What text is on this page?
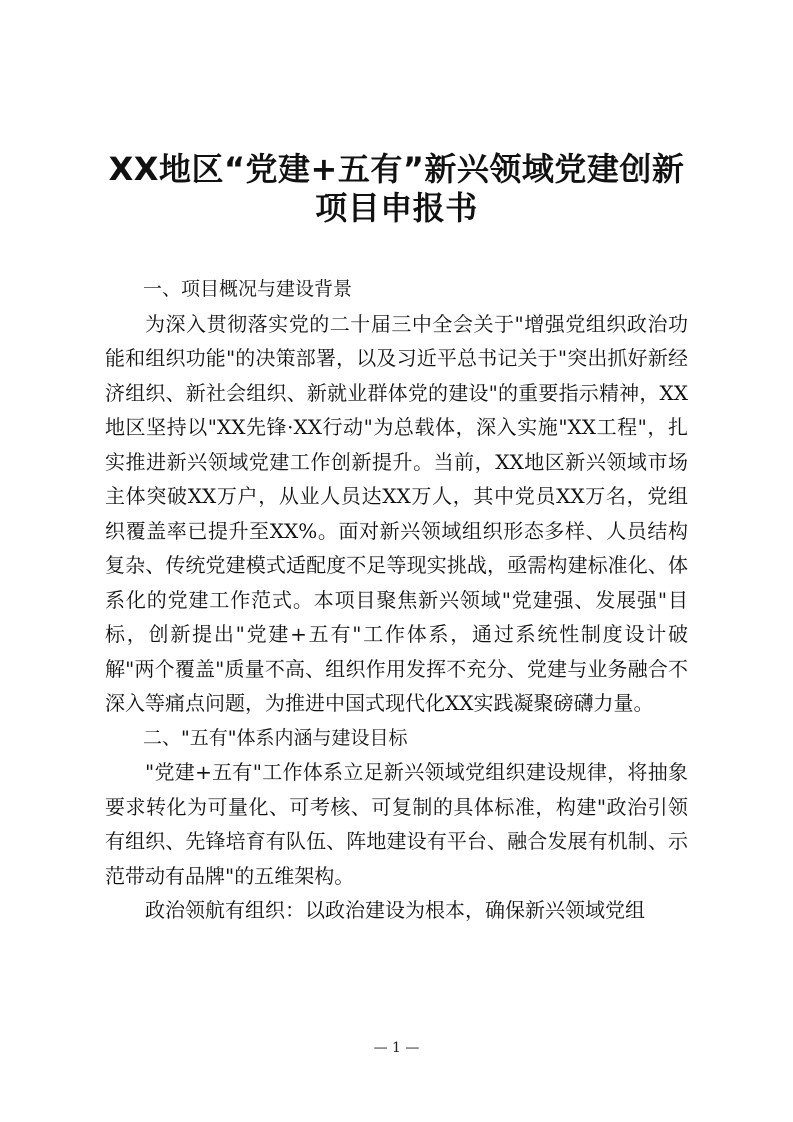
XX地区“党建+五有”新兴领域党建创新
项目申报书

一、项目概况与建设背景

为深入贯彻落实党的二十届三中全会关于"增强党组织政治功能和组织功能"的决策部署，以及习近平总书记关于"突出抓好新经济组织、新社会组织、新就业群体党的建设"的重要指示精神，XX地区坚持以"XX先锋·XX行动"为总载体，深入实施"XX工程"，扎实推进新兴领域党建工作创新提升。当前，XX地区新兴领域市场主体突破XX万户，从业人员达XX万人，其中党员XX万名，党组织覆盖率已提升至XX%。面对新兴领域组织形态多样、人员结构复杂、传统党建模式适配度不足等现实挑战，亟需构建标准化、体系化的党建工作范式。本项目聚焦新兴领域"党建强、发展强"目标，创新提出"党建+五有"工作体系，通过系统性制度设计破解"两个覆盖"质量不高、组织作用发挥不充分、党建与业务融合不深入等痛点问题，为推进中国式现代化XX实践凝聚磅礴力量。

二、"五有"体系内涵与建设目标

"党建+五有"工作体系立足新兴领域党组织建设规律，将抽象要求转化为可量化、可考核、可复制的具体标准，构建"政治引领有组织、先锋培育有队伍、阵地建设有平台、融合发展有机制、示范带动有品牌"的五维架构。

政治领航有组织：以政治建设为根本，确保新兴领域党组

— 1 —
